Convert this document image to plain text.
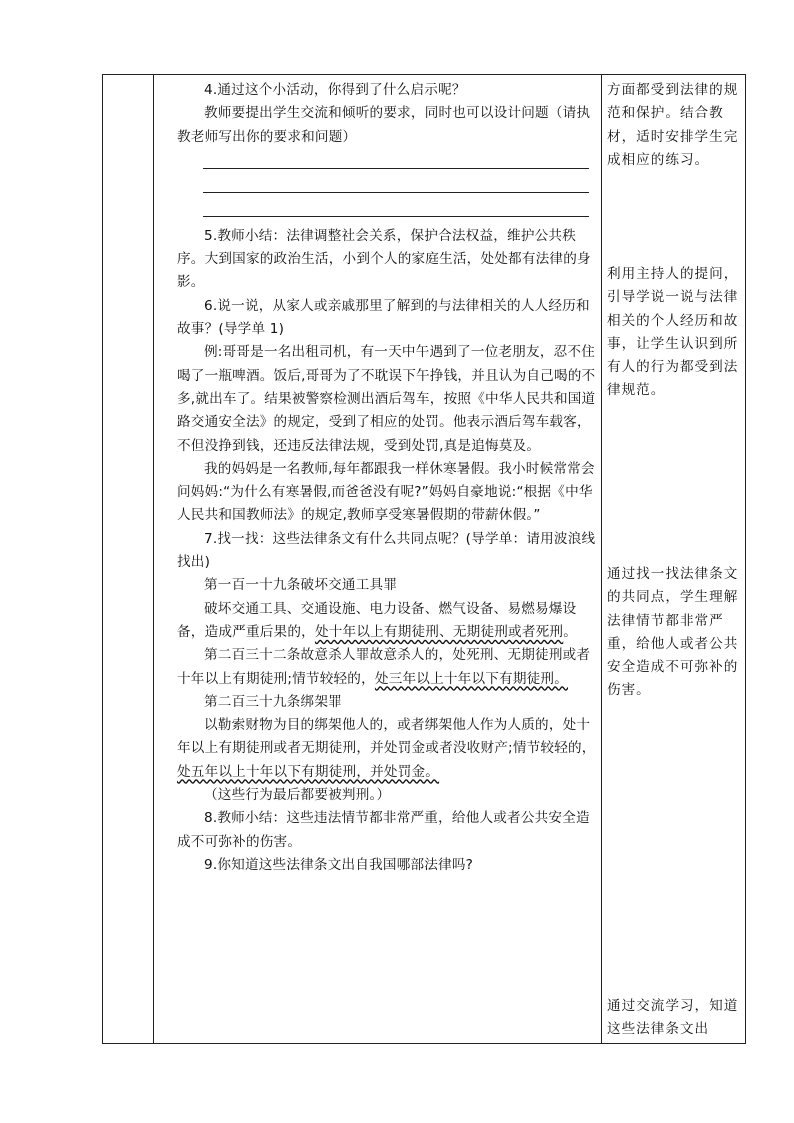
4.通过这个小活动，你得到了什么启示呢？

教师要提出学生交流和倾听的要求，同时也可以设计问题（请执教老师写出你的要求和问题）

5.教师小结：法律调整社会关系，保护合法权益，维护公共秩序。大到国家的政治生活，小到个人的家庭生活，处处都有法律的身影。

6.说一说，从家人或亲戚那里了解到的与法律相关的人人经历和故事？(导学单 1)

例:哥哥是一名出租司机，有一天中午遇到了一位老朋友，忍不住喝了一瓶啤酒。饭后,哥哥为了不耽误下午挣钱，并且认为自己喝的不多,就出车了。结果被警察检测出酒后驾车，按照《中华人民共和国道路交通安全法》的规定，受到了相应的处罚。他表示酒后驾车载客，不但没挣到钱，还违反法律法规，受到处罚,真是追悔莫及。

我的妈妈是一名教师,每年都跟我一样休寒暑假。我小时候常常会问妈妈:“为什么有寒暑假,而爸爸没有呢?”妈妈自豪地说:“根据《中华人民共和国教师法》的规定,教师享受寒暑假期的带薪休假。”

7.找一找：这些法律条文有什么共同点呢？(导学单：请用波浪线找出)

第一百一十九条破坏交通工具罪

破坏交通工具、交通设施、电力设备、燃气设备、易燃易爆设备，造成严重后果的，处十年以上有期徒刑、无期徒刑或者死刑。

第二百三十二条故意杀人罪故意杀人的，处死刑、无期徒刑或者十年以上有期徒刑;情节较轻的，处三年以上十年以下有期徒刑。

第二百三十九条绑架罪

以勒索财物为目的绑架他人的，或者绑架他人作为人质的，处十年以上有期徒刑或者无期徒刑，并处罚金或者没收财产;情节较轻的，处五年以上十年以下有期徒刑，并处罚金。

（这些行为最后都要被判刑。）

8.教师小结：这些违法情节都非常严重，给他人或者公共安全造成不可弥补的伤害。

9.你知道这些法律条文出自我国哪部法律吗?

方面都受到法律的规范和保护。结合教材，适时安排学生完成相应的练习。

利用主持人的提问，引导学说一说与法律相关的个人经历和故事，让学生认识到所有人的行为都受到法律规范。

通过找一找法律条文的共同点，学生理解法律情节都非常严重，给他人或者公共安全造成不可弥补的伤害。

通过交流学习，知道这些法律条文出
